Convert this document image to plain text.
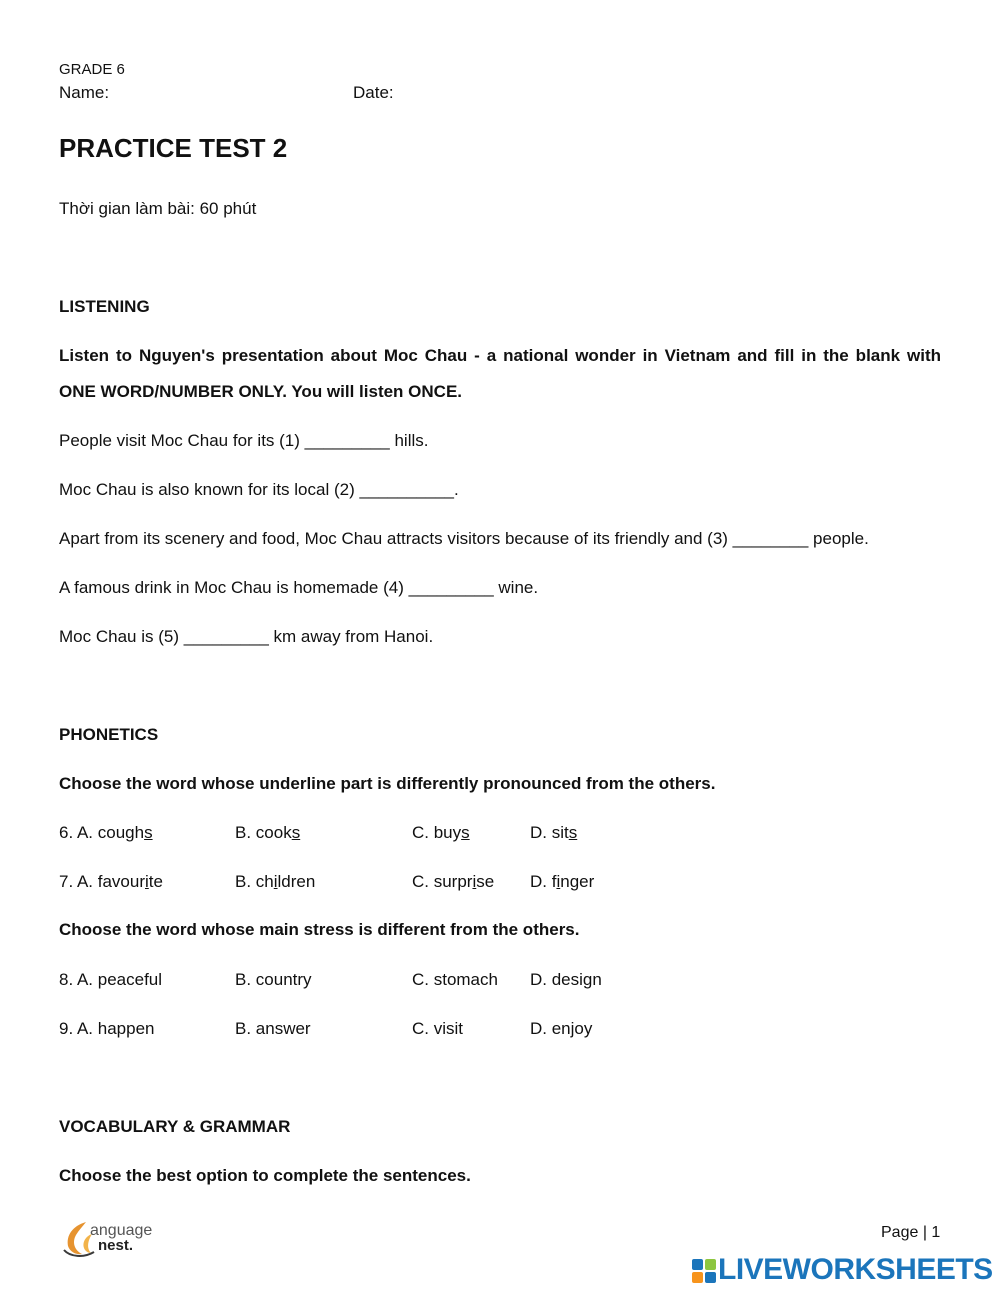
GRADE 6
Name:	Date:
PRACTICE TEST 2
Thời gian làm bài: 60 phút
LISTENING
Listen to Nguyen's presentation about Moc Chau - a national wonder in Vietnam and fill in the blank with ONE WORD/NUMBER ONLY. You will listen ONCE.
People visit Moc Chau for its (1) _________ hills.
Moc Chau is also known for its local (2) __________.
Apart from its scenery and food, Moc Chau attracts visitors because of its friendly and (3) ________ people.
A famous drink in Moc Chau is homemade (4) _________ wine.
Moc Chau is (5) _________ km away from Hanoi.
PHONETICS
Choose the word whose underline part is differently pronounced from the others.
6. A. coughs	B. cooks	C. buys	D. sits
7. A. favourite	B. children	C. surprise D. finger
Choose the word whose main stress is different from the others.
8. A. peaceful	B. country	C. stomach D. design
9. A. happen	B. answer	C. visit	D. enjoy
VOCABULARY & GRAMMAR
Choose the best option to complete the sentences.
anguage
nest.
Page | 1
LIVEWORKSHEETS
